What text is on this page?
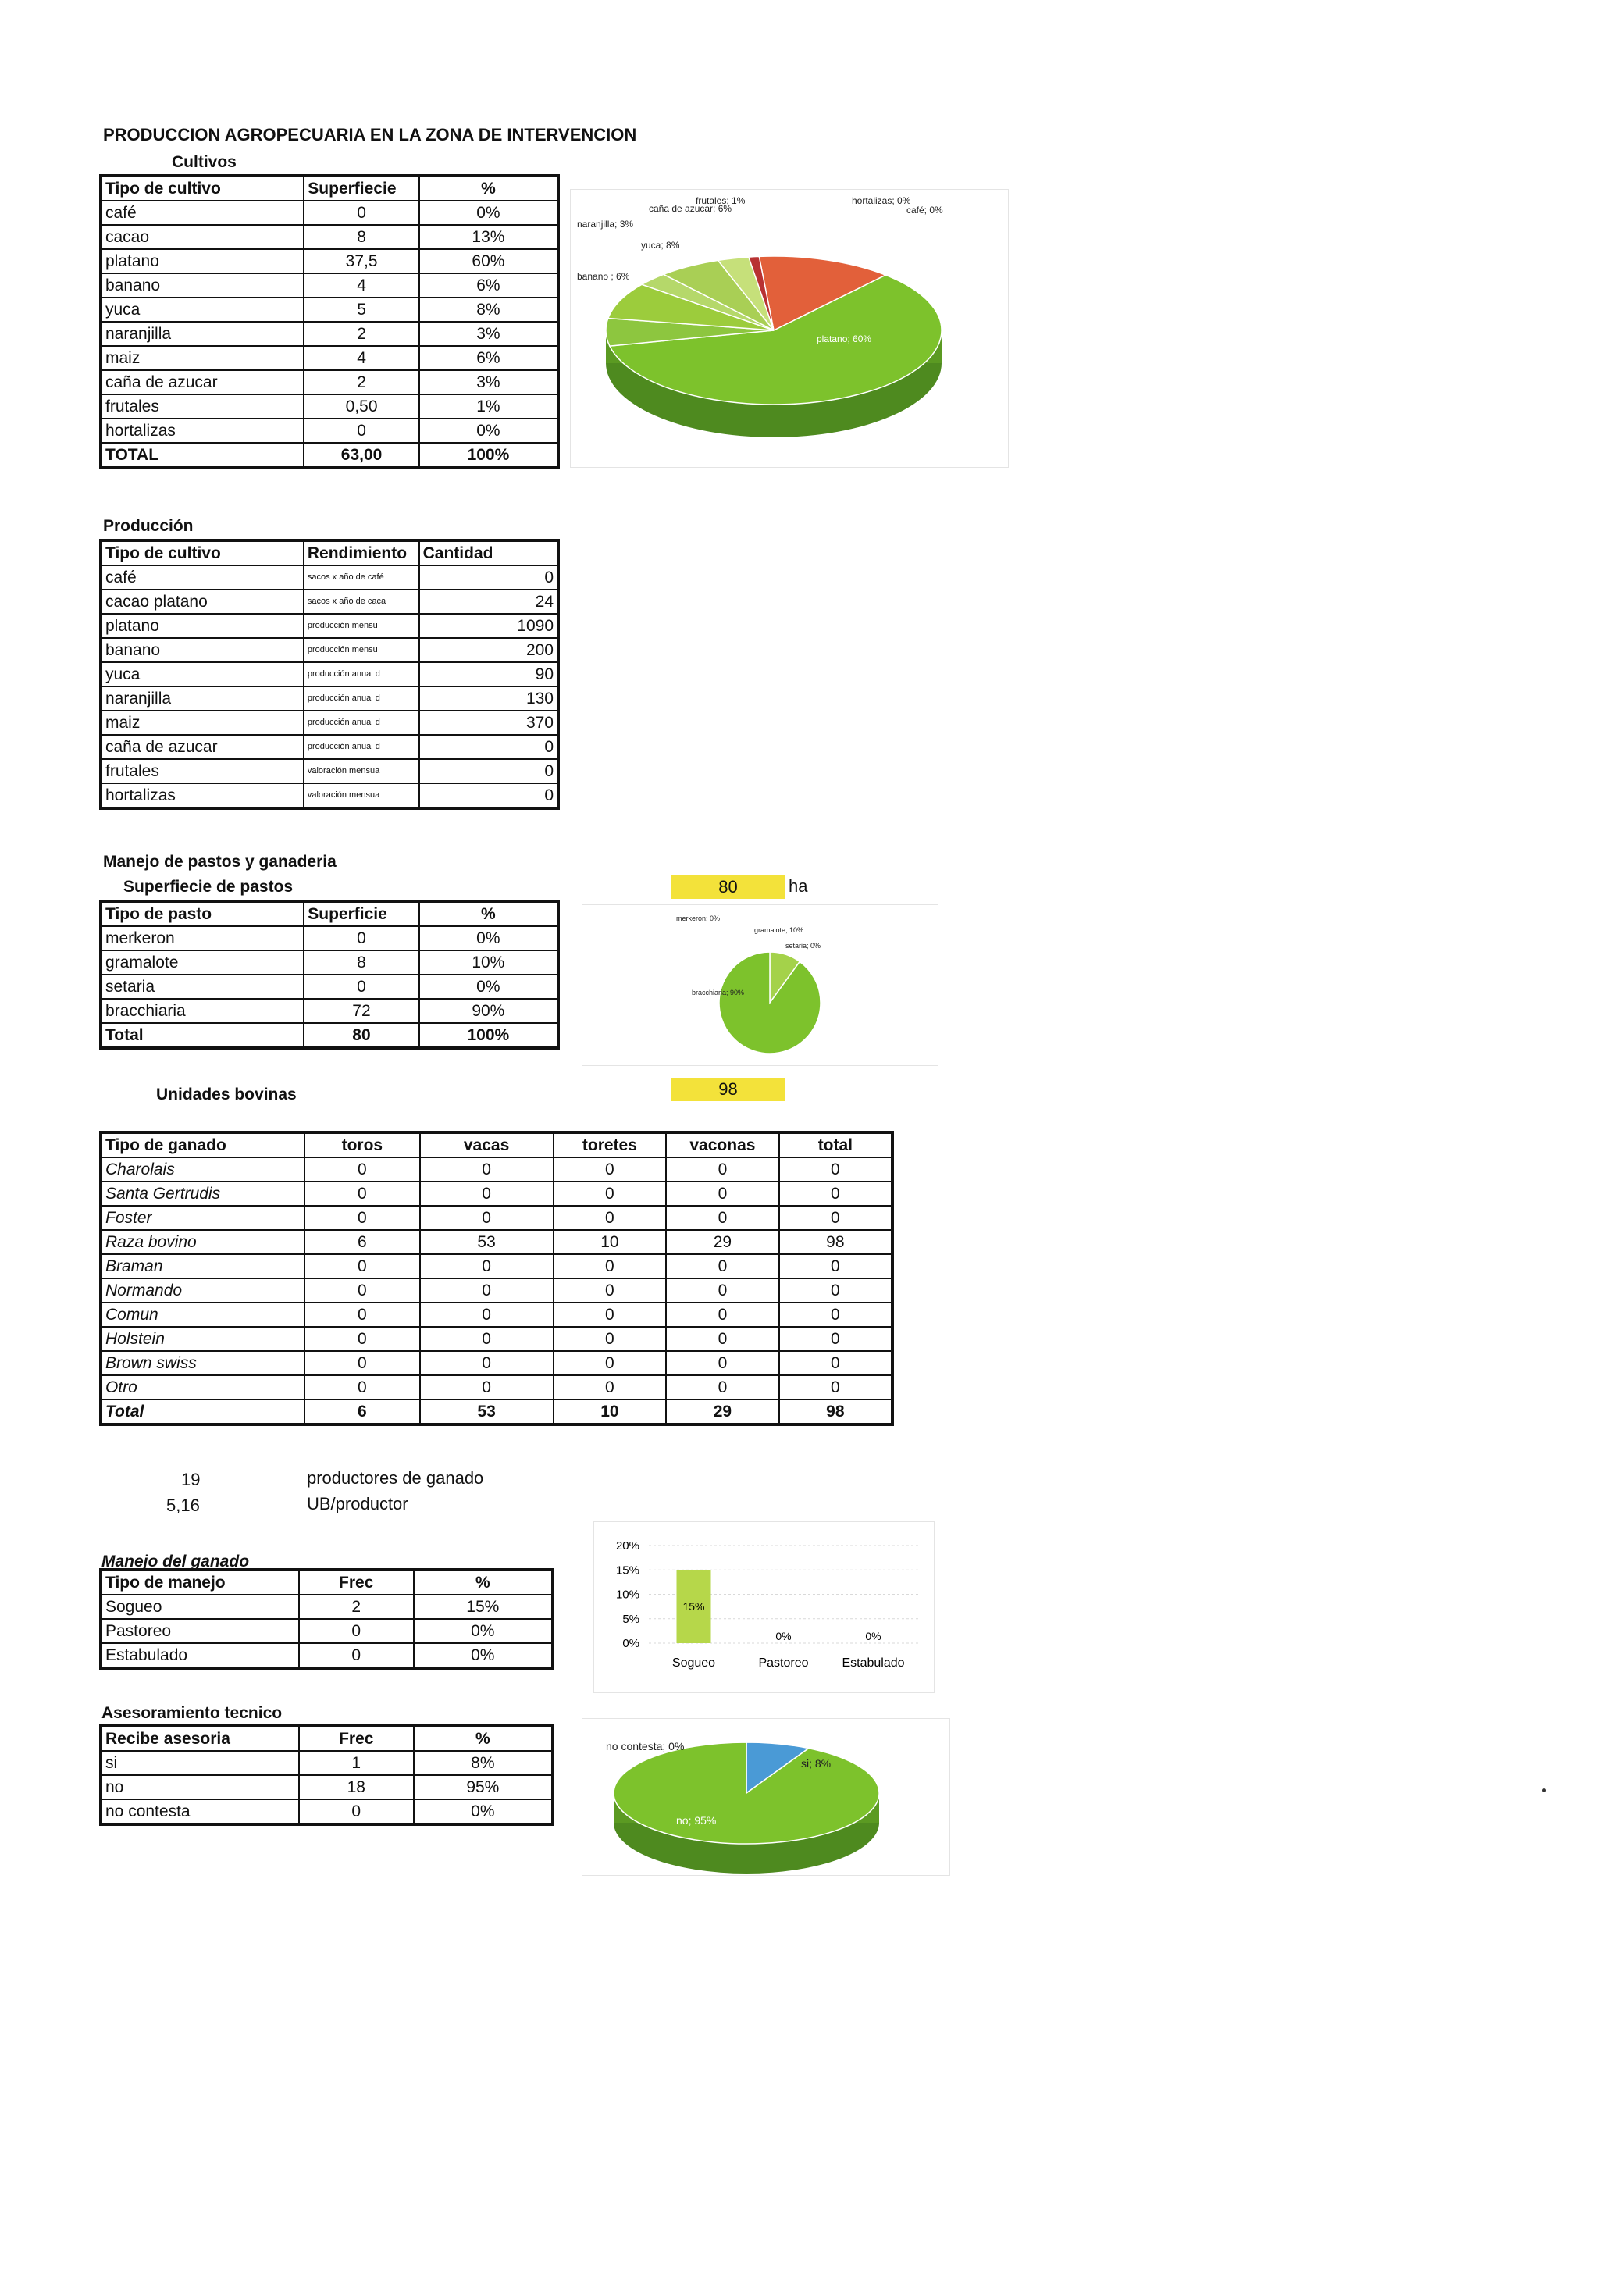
PRODUCCION AGROPECUARIA EN LA ZONA DE INTERVENCION
Cultivos
Tipo de cultivo	Superfiecie	%
café	0	0%
cacao	8	13%
platano	37,5	60%
banano	4	6%
yuca	5	8%
naranjilla	2	3%
maiz	4	6%
caña de azucar	2	3%
frutales	0,50	1%
hortalizas	0	0%
TOTAL	63,00	100%
café; 0%
cacao ; 13%
platano; 60%
banano ; 6%
yuca; 8%
naranjilla; 3%
caña de azucar; 6%
frutales; 1%	hortalizas; 0%
Producción
Tipo de cultivo	Rendimiento	Cantidad
café	sacos x año de café	0
cacao platano	sacos x año de caca	24
platano	producción mensu	1090
banano	producción mensu	200
yuca	producción anual d	90
naranjilla	producción anual d	130
maiz	producción anual d	370
caña de azucar	producción anual d	0
frutales	valoración mensua	0
hortalizas	valoración mensua	0
Manejo de pastos y ganaderia
Superfiecie de pastos	80	ha
Tipo de pasto	Superficie	%
merkeron	0	0%
gramalote	8	10%
setaria	0	0%
bracchiaria	72	90%
Total	80	100%
merkeron; 0%
gramalote; 10%
setaria; 0%
bracchiaria; 90%
Unidades bovinas	98
Tipo de ganado	toros	vacas	toretes	vaconas	total
Charolais	0	0	0	0	0
Santa Gertrudis	0	0	0	0	0
Foster	0	0	0	0	0
Raza bovino	6	53	10	29	98
Braman	0	0	0	0	0
Normando	0	0	0	0	0
Comun	0	0	0	0	0
Holstein	0	0	0	0	0
Brown swiss	0	0	0	0	0
Otro	0	0	0	0	0
Total	6	53	10	29	98
19	productores de ganado
5,16	UB/productor
Manejo del ganado
Tipo de manejo	Frec	%
Sogueo	2	15%
Pastoreo	0	0%
Estabulado	0	0%
0%
5%
10%
15%
20%
15%
Sogueo
0%
Pastoreo
0%
Estabulado
Asesoramiento tecnico
Recibe asesoria	Frec	%
si	1	8%
no	18	95%
no contesta	0	0%
si; 8%
no; 95%
no contesta; 0%
